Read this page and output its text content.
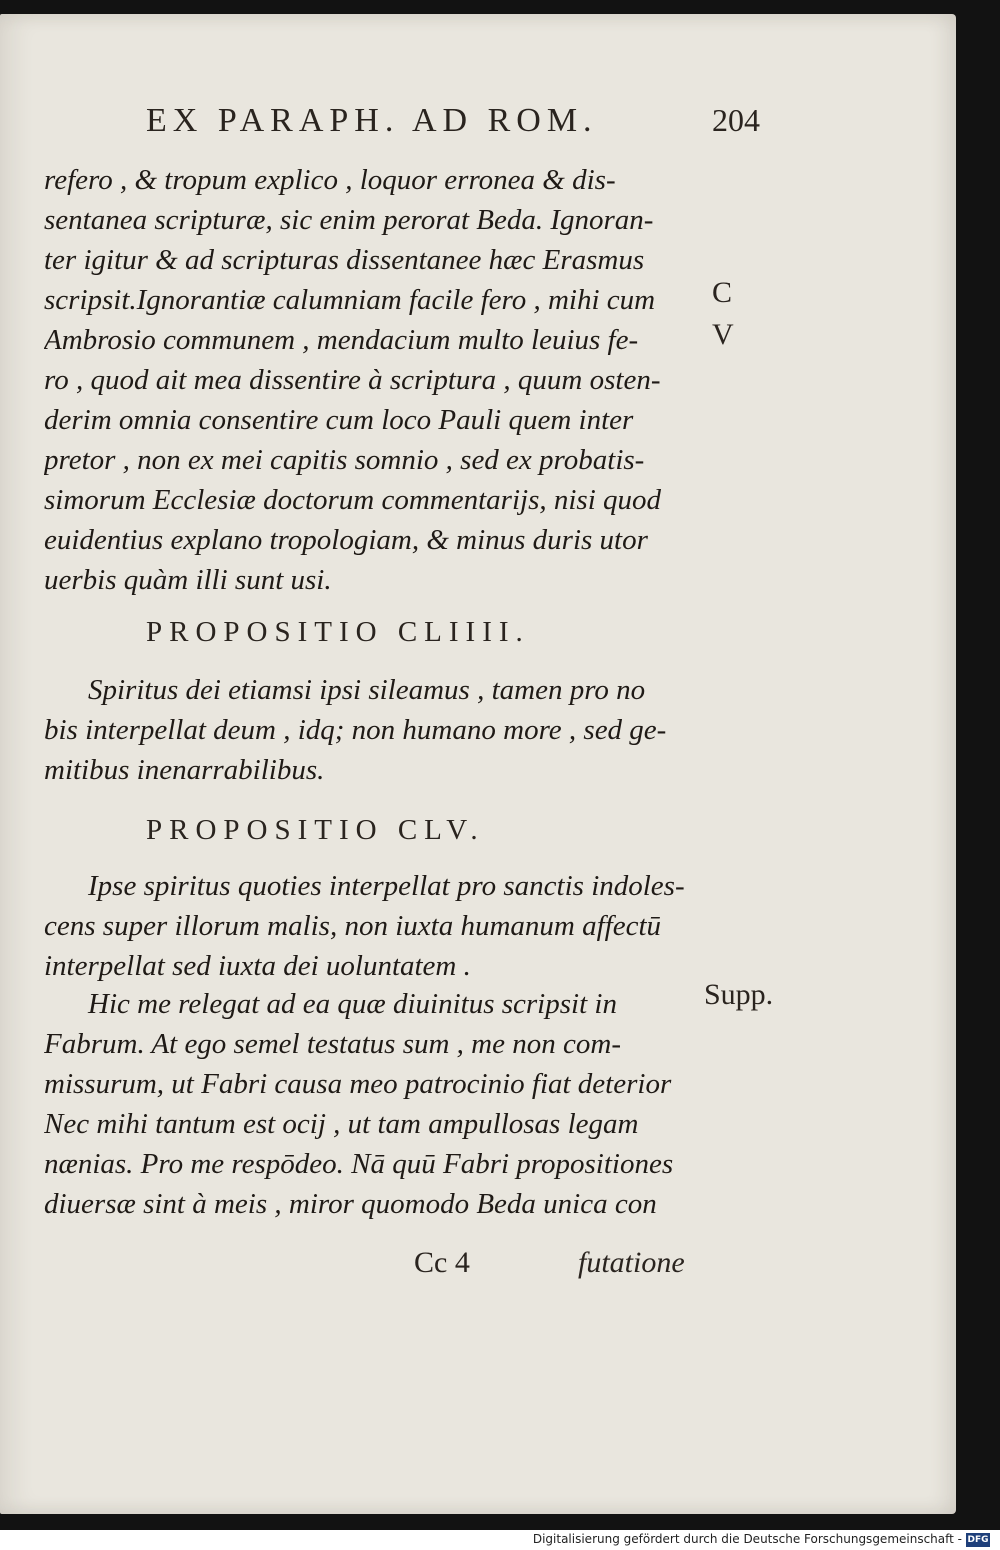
EX PARAPH. AD ROM.	204
refero , & tropum explico , loquor erronea & dis-
sentanea scripturæ, sic enim perorat Beda. Ignoran-
ter igitur & ad scripturas dissentanee hæc Erasmus
scripsit.Ignorantiæ calumniam facile fero , mihi cum
Ambrosio communem , mendacium multo leuius fe-
ro , quod ait mea dissentire à scriptura , quum osten-
derim omnia consentire cum loco Pauli quem inter
pretor , non ex mei capitis somnio , sed ex probatis-
simorum Ecclesiæ doctorum commentarijs, nisi quod
euidentius explano tropologiam, & minus duris utor
uerbis quàm illi sunt usi.
PROPOSITIO CLIIII.
Spiritus dei etiamsi ipsi sileamus , tamen pro no
bis interpellat deum , idq; non humano more , sed ge-
mitibus inenarrabilibus.
PROPOSITIO CLV.
Ipse spiritus quoties interpellat pro sanctis indoles-
cens super illorum malis, non iuxta humanum affectū
interpellat sed iuxta dei uoluntatem .
Hic me relegat ad ea quæ diuinitus scripsit in
Fabrum. At ego semel testatus sum , me non com-
missurum, ut Fabri causa meo patrocinio fiat deterior
Nec mihi tantum est ocij , ut tam ampullosas legam
nænias. Pro me respōdeo. Nā quū Fabri propositiones
diuersæ sint à meis , miror quomodo Beda unica con
C
V
Supp.
Cc 4	futatione
Digitalisierung gefördert durch die Deutsche Forschungsgemeinschaft - DFG
